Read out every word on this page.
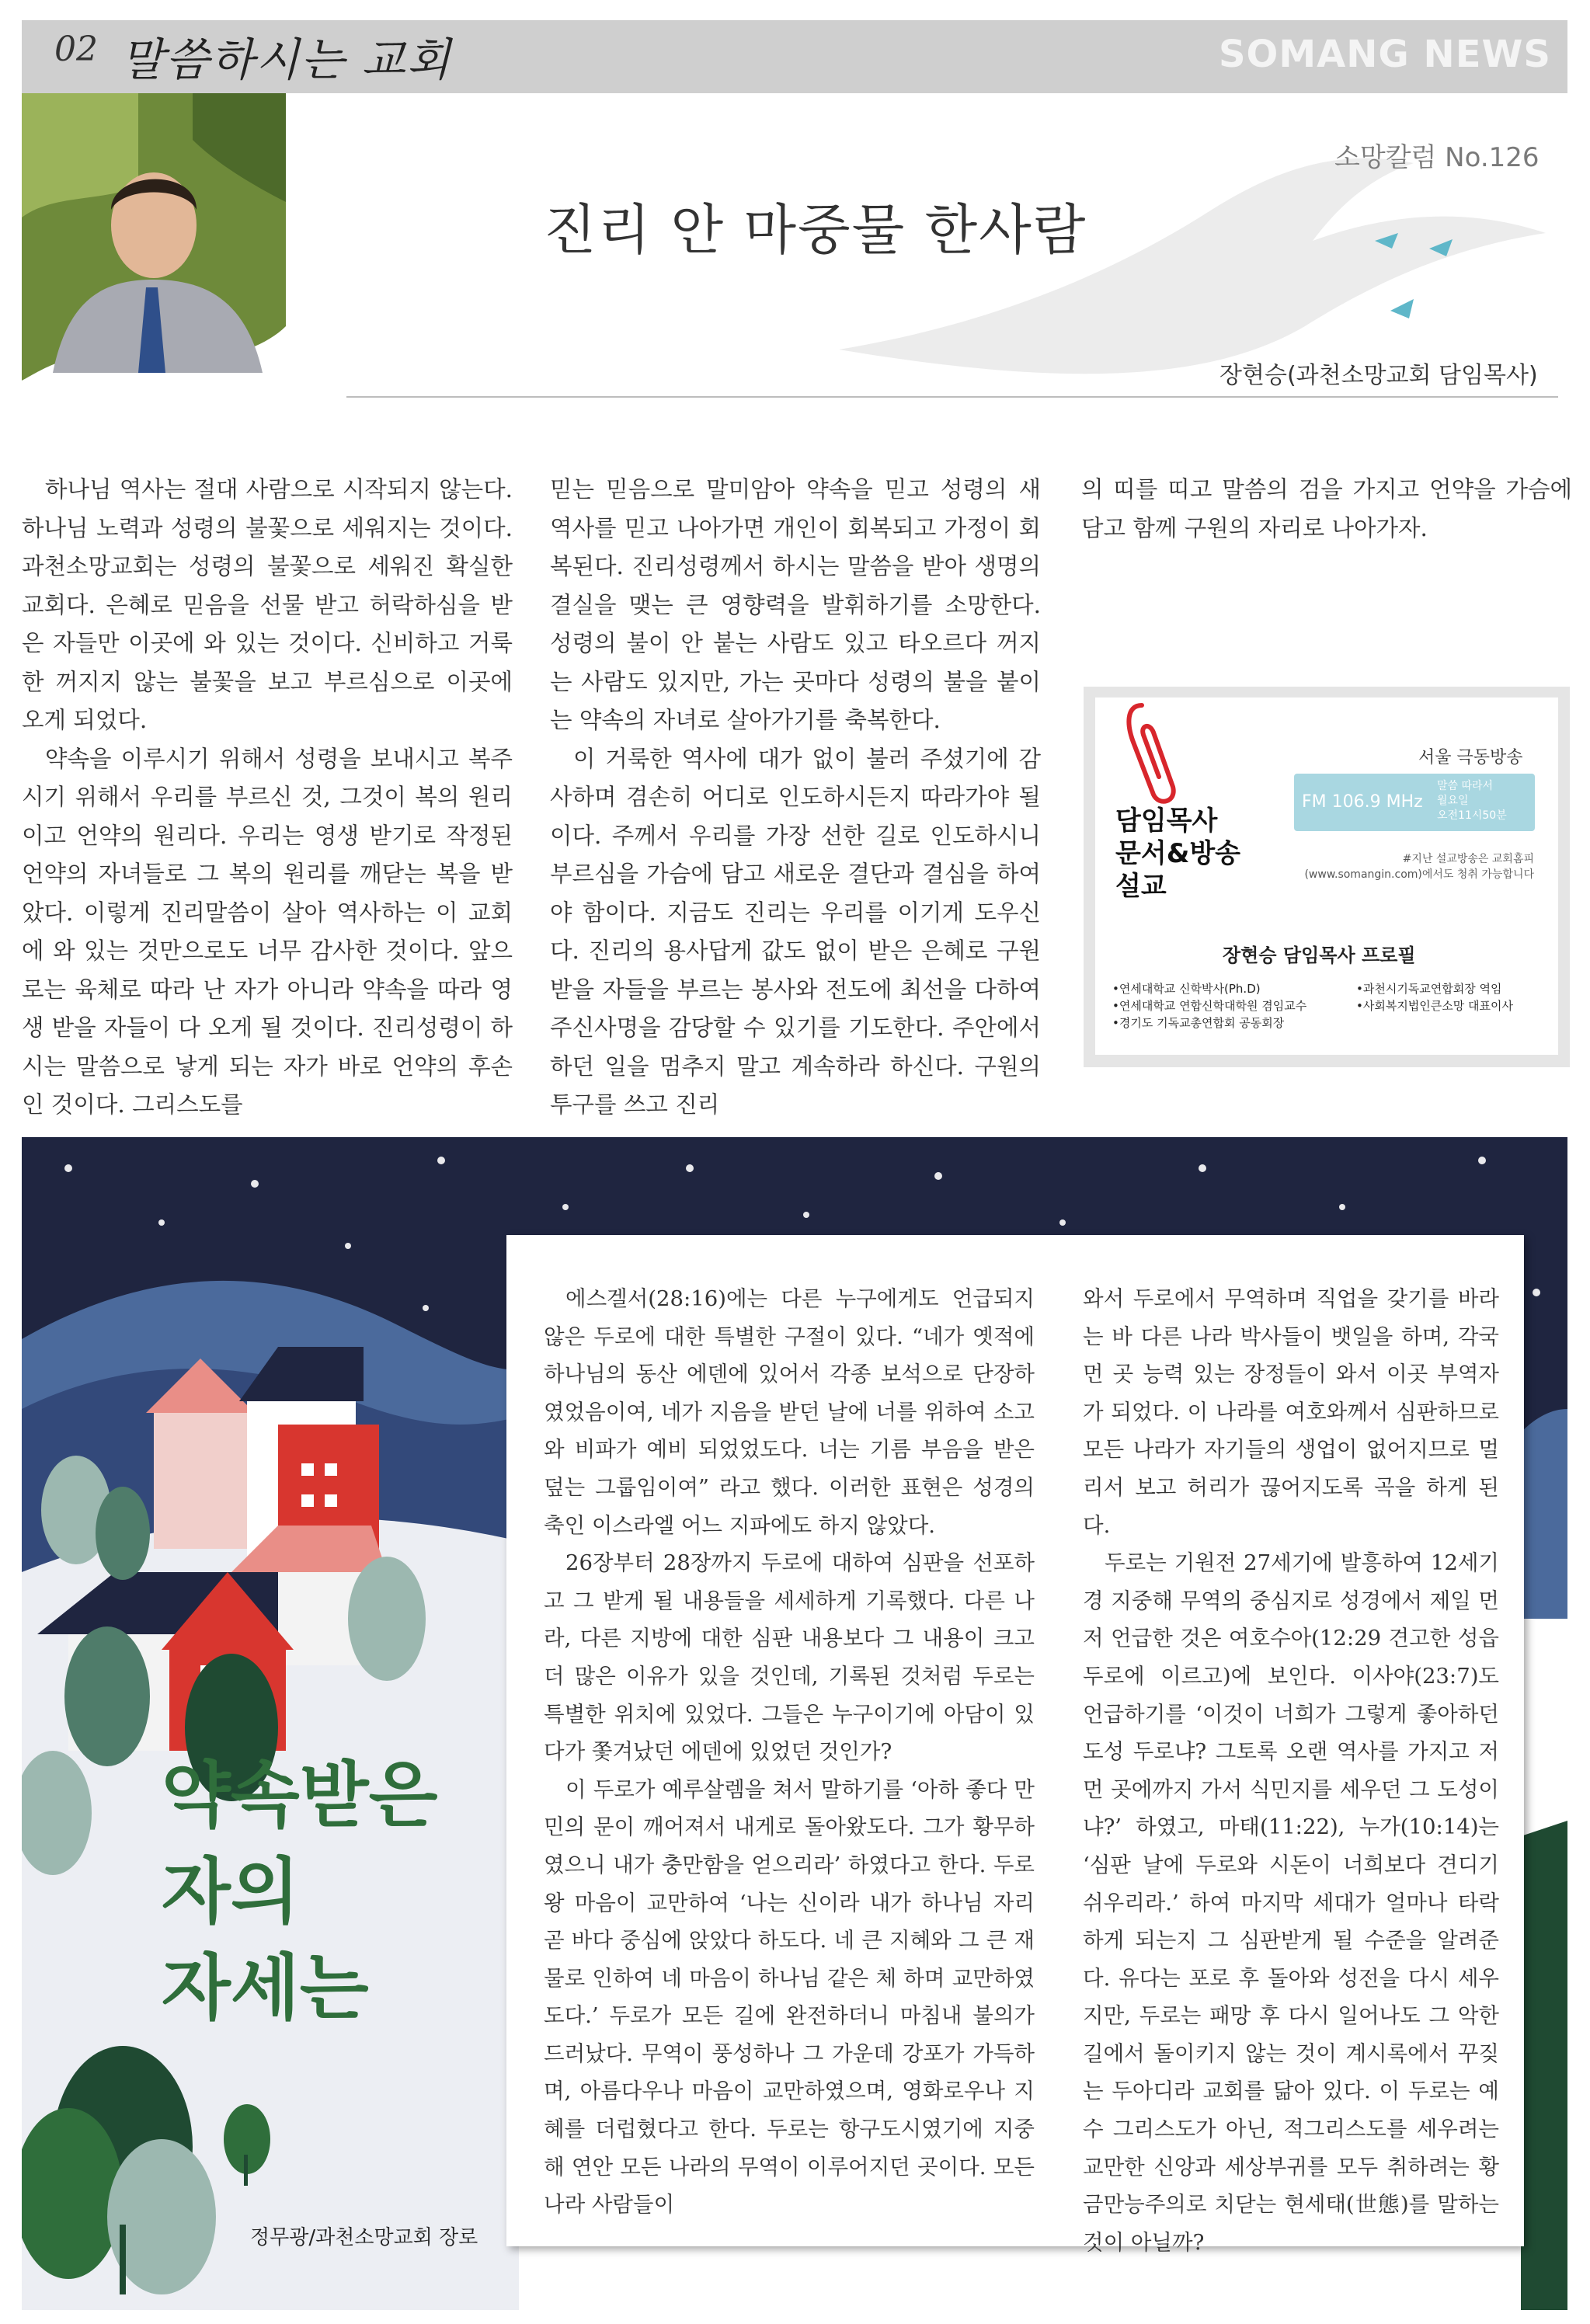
02 말씀하시는 교회	SOMANG NEWS
소망칼럼 No.126
진리 안 마중물 한사람
장현승(과천소망교회 담임목사)

하나님 역사는 절대 사람으로 시작되지 않는다. 하나님 노력과 성령의 불꽃으로 세워지는 것이다. 과천소망교회는 성령의 불꽃으로 세워진 확실한 교회다. 은혜로 믿음을 선물 받고 허락하심을 받은 자들만 이곳에 와 있는 것이다. 신비하고 거룩한 꺼지지 않는 불꽃을 보고 부르심으로 이곳에 오게 되었다.

약속을 이루시기 위해서 성령을 보내시고 복주시기 위해서 우리를 부르신 것, 그것이 복의 원리이고 언약의 원리다. 우리는 영생 받기로 작정된 언약의 자녀들로 그 복의 원리를 깨닫는 복을 받았다. 이렇게 진리말씀이 살아 역사하는 이 교회에 와 있는 것만으로도 너무 감사한 것이다. 앞으로는 육체로 따라 난 자가 아니라 약속을 따라 영생 받을 자들이 다 오게 될 것이다. 진리성령이 하시는 말씀으로 낳게 되는 자가 바로 언약의 후손인 것이다. 그리스도를

믿는 믿음으로 말미암아 약속을 믿고 성령의 새 역사를 믿고 나아가면 개인이 회복되고 가정이 회복된다. 진리성령께서 하시는 말씀을 받아 생명의 결실을 맺는 큰 영향력을 발휘하기를 소망한다. 성령의 불이 안 붙는 사람도 있고 타오르다 꺼지는 사람도 있지만, 가는 곳마다 성령의 불을 붙이는 약속의 자녀로 살아가기를 축복한다.

이 거룩한 역사에 대가 없이 불러 주셨기에 감사하며 겸손히 어디로 인도하시든지 따라가야 될이다. 주께서 우리를 가장 선한 길로 인도하시니 부르심을 가슴에 담고 새로운 결단과 결심을 하여야 함이다. 지금도 진리는 우리를 이기게 도우신다. 진리의 용사답게 값도 없이 받은 은혜로 구원받을 자들을 부르는 봉사와 전도에 최선을 다하여 주신사명을 감당할 수 있기를 기도한다. 주안에서 하던 일을 멈추지 말고 계속하라 하신다. 구원의 투구를 쓰고 진리

의 띠를 띠고 말씀의 검을 가지고 언약을 가슴에 담고 함께 구원의 자리로 나아가자.

서울 극동방송
FM 106.9 MHz
말씀 따라서
월요일
오전11시50분
담임목사
문서&방송
설교
#지난 설교방송은 교회홈피
(www.somangin.com)에서도 청취 가능합니다
장현승 담임목사 프로필
•연세대학교 신학박사(Ph.D)
•연세대학교 연합신학대학원 겸임교수
•경기도 기독교총연합회 공동회장
•과천시기독교연합회장 역임
•사회복지법인큰소망 대표이사
약속받은
자의
자세는
정무광/과천소망교회 장로

에스겔서(28:16)에는 다른 누구에게도 언급되지 않은 두로에 대한 특별한 구절이 있다. “네가 옛적에 하나님의 동산 에덴에 있어서 각종 보석으로 단장하였었음이여, 네가 지음을 받던 날에 너를 위하여 소고와 비파가 예비 되었었도다. 너는 기름 부음을 받은 덮는 그룹임이여” 라고 했다. 이러한 표현은 성경의 축인 이스라엘 어느 지파에도 하지 않았다.

26장부터 28장까지 두로에 대하여 심판을 선포하고 그 받게 될 내용들을 세세하게 기록했다. 다른 나라, 다른 지방에 대한 심판 내용보다 그 내용이 크고 더 많은 이유가 있을 것인데, 기록된 것처럼 두로는 특별한 위치에 있었다. 그들은 누구이기에 아담이 있다가 쫓겨났던 에덴에 있었던 것인가?

이 두로가 예루살렘을 쳐서 말하기를 ‘아하 좋다 만민의 문이 깨어져서 내게로 돌아왔도다. 그가 황무하였으니 내가 충만함을 얻으리라’ 하였다고 한다. 두로 왕 마음이 교만하여 ‘나는 신이라 내가 하나님 자리 곧 바다 중심에 앉았다 하도다. 네 큰 지혜와 그 큰 재물로 인하여 네 마음이 하나님 같은 체 하며 교만하였도다.’ 두로가 모든 길에 완전하더니 마침내 불의가 드러났다. 무역이 풍성하나 그 가운데 강포가 가득하며, 아름다우나 마음이 교만하였으며, 영화로우나 지혜를 더럽혔다고 한다. 두로는 항구도시였기에 지중해 연안 모든 나라의 무역이 이루어지던 곳이다. 모든 나라 사람들이

와서 두로에서 무역하며 직업을 갖기를 바라는 바 다른 나라 박사들이 뱃일을 하며, 각국 먼 곳 능력 있는 장정들이 와서 이곳 부역자가 되었다. 이 나라를 여호와께서 심판하므로 모든 나라가 자기들의 생업이 없어지므로 멀리서 보고 허리가 끊어지도록 곡을 하게 된다.

두로는 기원전 27세기에 발흥하여 12세기경 지중해 무역의 중심지로 성경에서 제일 먼저 언급한 것은 여호수아(12:29 견고한 성읍 두로에 이르고)에 보인다. 이사야(23:7)도 언급하기를 ‘이것이 너희가 그렇게 좋아하던 도성 두로냐? 그토록 오랜 역사를 가지고 저 먼 곳에까지 가서 식민지를 세우던 그 도성이냐?’ 하였고, 마태(11:22), 누가(10:14)는 ‘심판 날에 두로와 시돈이 너희보다 견디기 쉬우리라.’ 하여 마지막 세대가 얼마나 타락하게 되는지 그 심판받게 될 수준을 알려준다. 유다는 포로 후 돌아와 성전을 다시 세우지만, 두로는 패망 후 다시 일어나도 그 악한 길에서 돌이키지 않는 것이 계시록에서 꾸짖는 두아디라 교회를 닮아 있다. 이 두로는 예수 그리스도가 아닌, 적그리스도를 세우려는 교만한 신앙과 세상부귀를 모두 취하려는 황금만능주의로 치닫는 현세태(世態)를 말하는 것이 아닐까?
